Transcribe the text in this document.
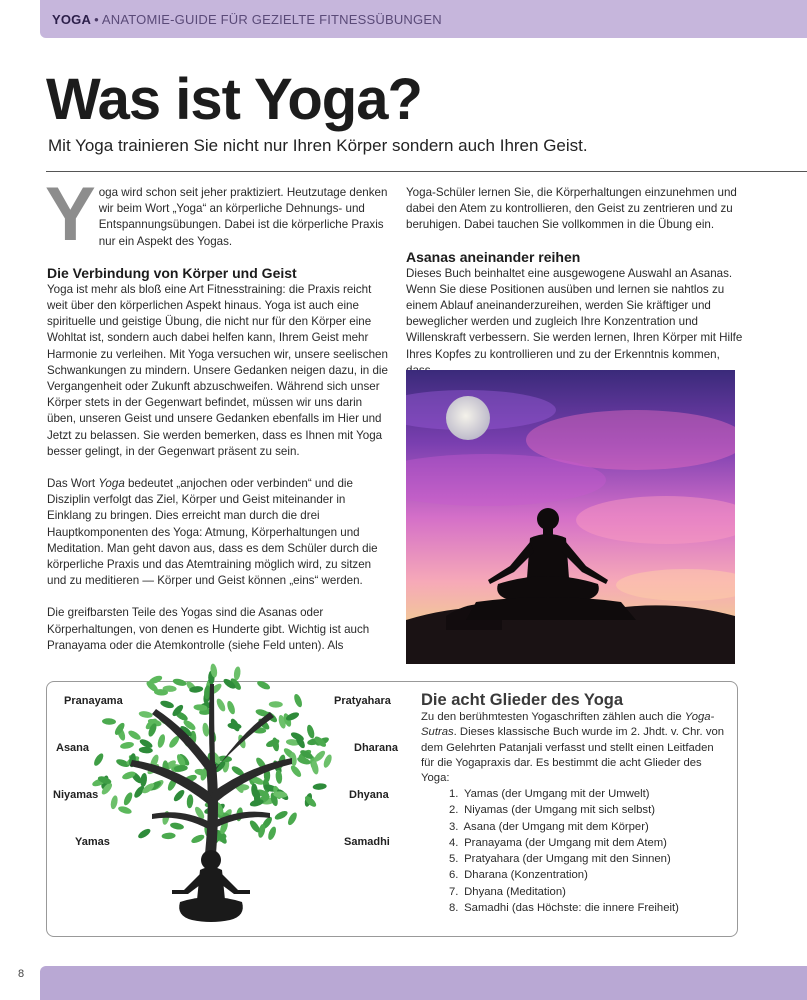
YOGA • ANATOMIE-GUIDE FÜR GEZIELTE FITNESSÜBUNGEN
Was ist Yoga?
Mit Yoga trainieren Sie nicht nur Ihren Körper sondern auch Ihren Geist.

Yoga wird schon seit jeher praktiziert. Heutzutage denken wir beim Wort „Yoga“ an körperliche Dehnungs- und Entspannungsübungen. Dabei ist die körperliche Praxis nur ein Aspekt des Yogas.

Die Verbindung von Körper und Geist

Yoga ist mehr als bloß eine Art Fitnesstraining: die Praxis reicht weit über den körperlichen Aspekt hinaus. Yoga ist auch eine spirituelle und geistige Übung, die nicht nur für den Körper eine Wohltat ist, sondern auch dabei helfen kann, Ihrem Geist mehr Harmonie zu verleihen. Mit Yoga versuchen wir, unsere seelischen Schwankungen zu mindern. Unsere Gedanken neigen dazu, in die Vergangenheit oder Zukunft abzuschweifen. Während sich unser Körper stets in der Gegenwart befindet, müssen wir uns darin üben, unseren Geist und unsere Gedanken ebenfalls im Hier und Jetzt zu belassen. Sie werden bemerken, dass es Ihnen mit Yoga besser gelingt, in der Gegenwart präsent zu sein.

Das Wort Yoga bedeutet „anjochen oder verbinden“ und die Disziplin verfolgt das Ziel, Körper und Geist miteinander in Einklang zu bringen. Dies erreicht man durch die drei Hauptkomponenten des Yoga: Atmung, Körperhaltungen und Meditation. Man geht davon aus, dass es dem Schüler durch die körperliche Praxis und das Atemtraining möglich wird, zu sitzen und zu meditieren — Körper und Geist können „eins“ werden.

Die greifbarsten Teile des Yogas sind die Asanas oder Körperhaltungen, von denen es Hunderte gibt. Wichtig ist auch Pranayama oder die Atemkontrolle (siehe Feld unten). Als

Yoga-Schüler lernen Sie, die Körperhaltungen einzunehmen und dabei den Atem zu kontrollieren, den Geist zu zentrieren und zu beruhigen. Dabei tauchen Sie vollkommen in die Übung ein.

Asanas aneinander reihen

Dieses Buch beinhaltet eine ausgewogene Auswahl an Asanas. Wenn Sie diese Positionen ausüben und lernen sie nahtlos zu einem Ablauf aneinanderzureihen, werden Sie kräftiger und beweglicher werden und zugleich Ihre Konzentration und Willenskraft verbessern. Sie werden lernen, Ihren Körper mit Hilfe Ihres Kopfes zu kontrollieren und zu der Erkenntnis kommen,

Pranayama
Asana
Niyamas
Yamas
Pratyahara
Dharana
Dhyana
Samadhi
Die acht Glieder des Yoga
Zu den berühmtesten Yogaschriften zählen auch die Yoga-Sutras. Dieses klassische Buch wurde im 2. Jhdt. v. Chr. von dem Gelehrten Patanjali verfasst und stellt einen Leitfaden für die Yogapraxis dar. Es bestimmt die acht Glieder des Yoga:
1. Yamas (der Umgang mit der Umwelt)
2. Niyamas (der Umgang mit sich selbst)
3. Asana (der Umgang mit dem Körper)
4. Pranayama (der Umgang mit dem Atem)
5. Pratyahara (der Umgang mit den Sinnen)
6. Dharana (Konzentration)
7. Dhyana (Meditation)
8. Samadhi (das Höchste: die innere Freiheit)
8
